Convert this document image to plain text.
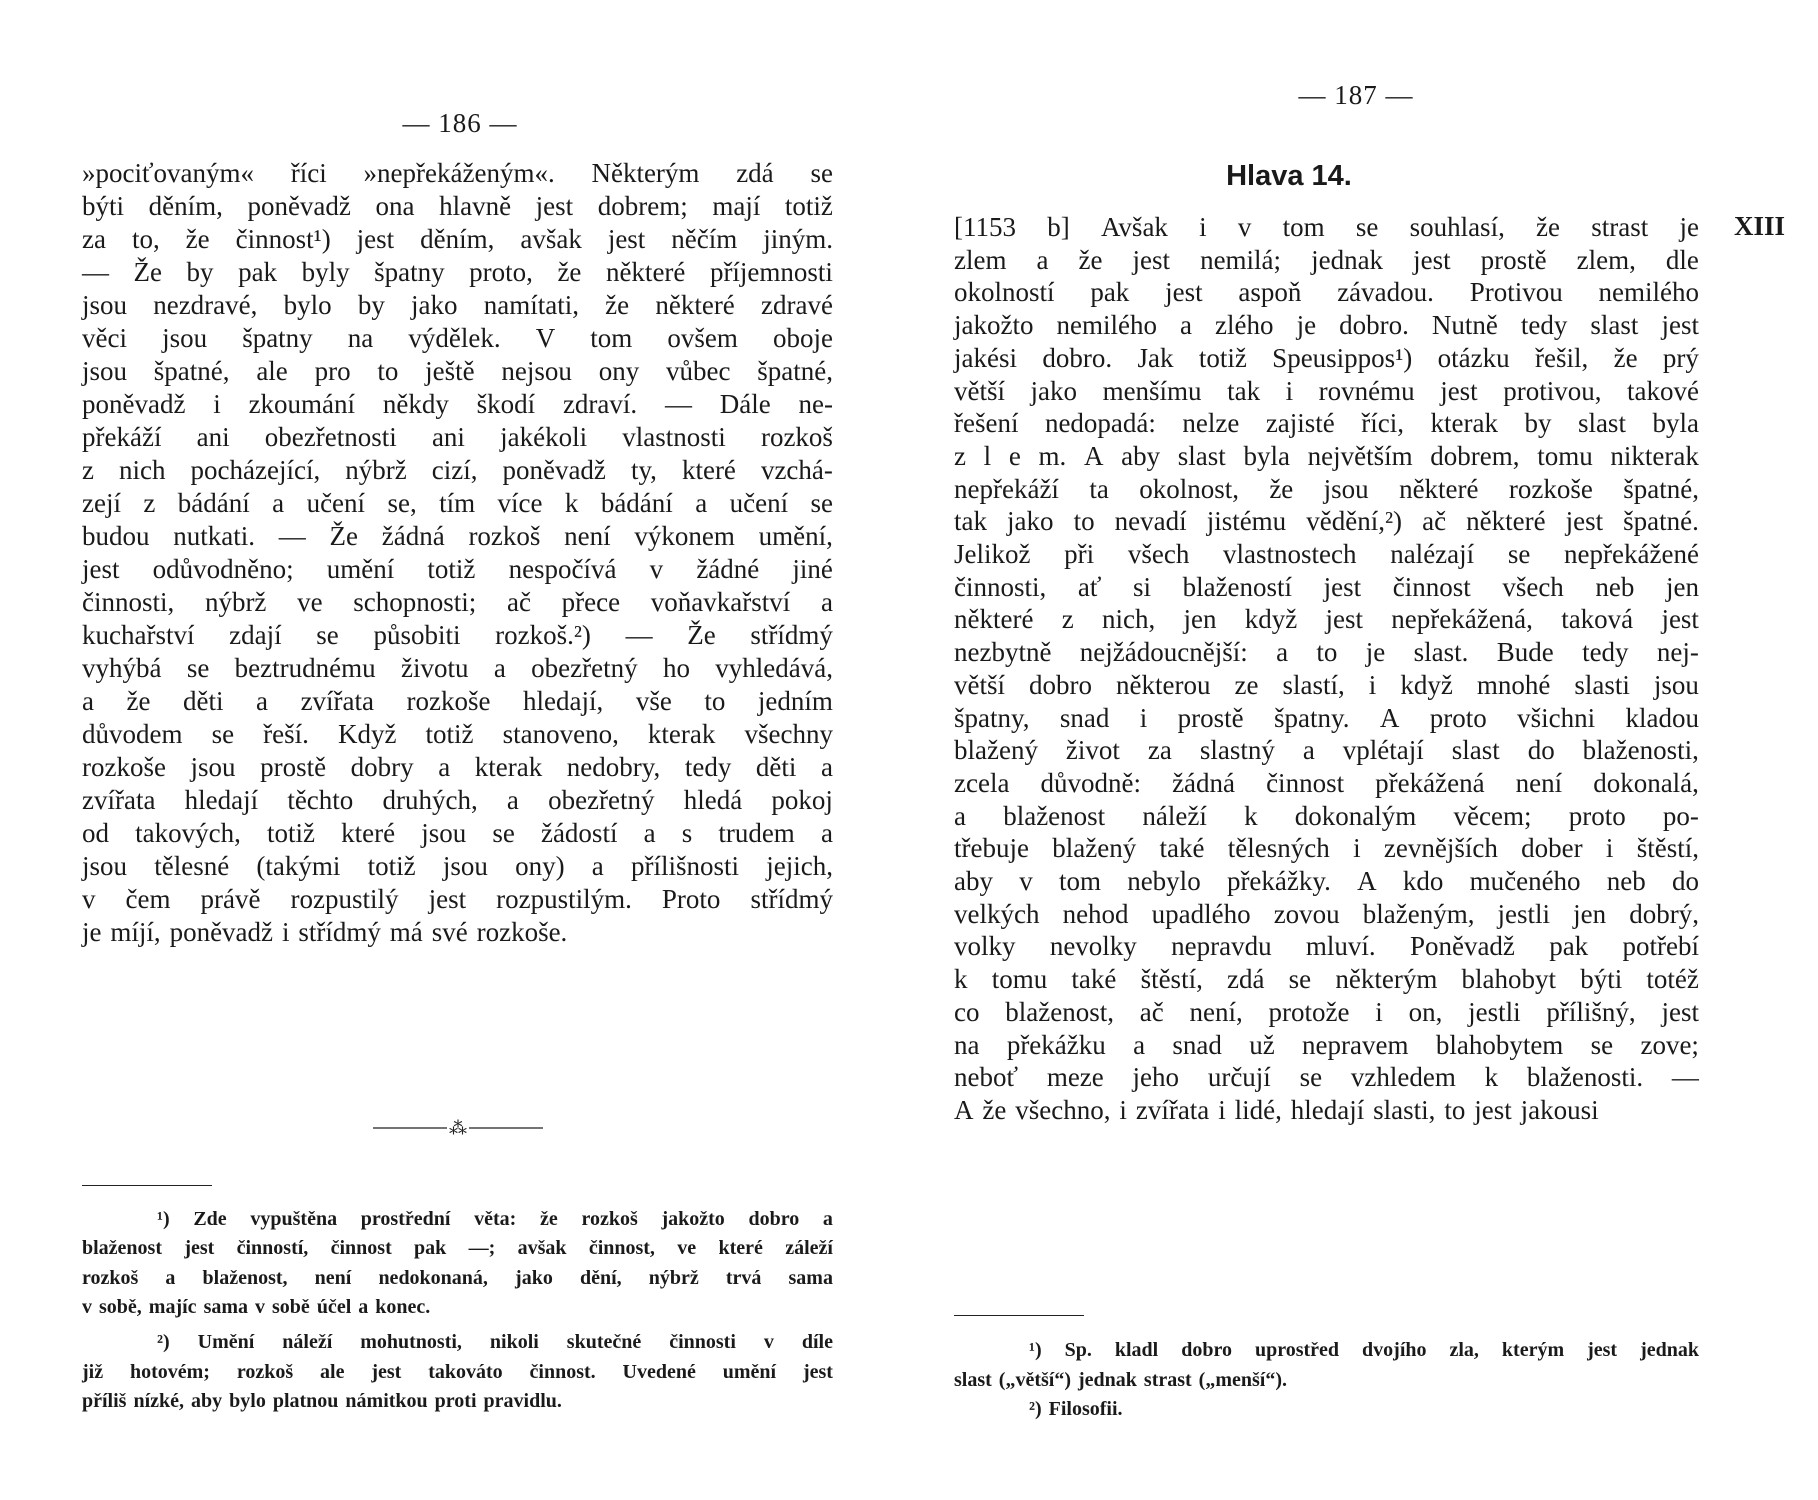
— 186 —
»pociťovaným« říci »nepřekáženým«. Některým zdá se
býti děním, poněvadž ona hlavně jest dobrem; mají totiž
za to, že činnost¹) jest děním, avšak jest něčím jiným.
— Že by pak byly špatny proto, že některé příjemnosti
jsou nezdravé, bylo by jako namítati, že některé zdravé
věci jsou špatny na výdělek. V tom ovšem oboje
jsou špatné, ale pro to ještě nejsou ony vůbec špatné,
poněvadž i zkoumání někdy škodí zdraví. — Dále ne-
překáží ani obezřetnosti ani jakékoli vlastnosti rozkoš
z nich pocházející, nýbrž cizí, poněvadž ty, které vzchá-
zejí z bádání a učení se, tím více k bádání a učení se
budou nutkati. — Že žádná rozkoš není výkonem umění,
jest odůvodněno; umění totiž nespočívá v žádné jiné
činnosti, nýbrž ve schopnosti; ač přece voňavkařství a
kuchařství zdají se působiti rozkoš.²) — Že střídmý
vyhýbá se beztrudnému životu a obezřetný ho vyhledává,
a že děti a zvířata rozkoše hledají, vše to jedním
důvodem se řeší. Když totiž stanoveno, kterak všechny
rozkoše jsou prostě dobry a kterak nedobry, tedy děti a
zvířata hledají těchto druhých, a obezřetný hledá pokoj
od takových, totiž které jsou se žádostí a s trudem a
jsou tělesné (takými totiž jsou ony) a přílišnosti jejich,
v čem právě rozpustilý jest rozpustilým. Proto střídmý
je míjí, poněvadž i střídmý má své rozkoše.
⁂
¹) Zde vypuštěna prostřední věta: že rozkoš jakožto dobro a
blaženost jest činností, činnost pak —; avšak činnost, ve které záleží
rozkoš a blaženost, není nedokonaná, jako dění, nýbrž trvá sama
v sobě, majíc sama v sobě účel a konec.
²) Umění náleží mohutnosti, nikoli skutečné činnosti v díle
již hotovém; rozkoš ale jest takováto činnost. Uvedené umění jest
příliš nízké, aby bylo platnou námitkou proti pravidlu.
— 187 —
Hlava 14.
XIII
[1153 b] Avšak i v tom se souhlasí, že strast je
zlem a že jest nemilá; jednak jest prostě zlem, dle
okolností pak jest aspoň závadou. Protivou nemilého
jakožto nemilého a zlého je dobro. Nutně tedy slast jest
jakési dobro. Jak totiž Speusippos¹) otázku řešil, že prý
větší jako menšímu tak i rovnému jest protivou, takové
řešení nedopadá: nelze zajisté říci, kterak by slast byla
z l e m. A aby slast byla největším dobrem, tomu nikterak
nepřekáží ta okolnost, že jsou některé rozkoše špatné,
tak jako to nevadí jistému vědění,²) ač některé jest špatné.
Jelikož při všech vlastnostech nalézají se nepřekážené
činnosti, ať si blažeností jest činnost všech neb jen
některé z nich, jen když jest nepřekážená, taková jest
nezbytně nejžádoucnější: a to je slast. Bude tedy nej-
větší dobro některou ze slastí, i když mnohé slasti jsou
špatny, snad i prostě špatny. A proto všichni kladou
blažený život za slastný a vplétají slast do blaženosti,
zcela důvodně: žádná činnost překážená není dokonalá,
a blaženost náleží k dokonalým věcem; proto po-
třebuje blažený také tělesných i zevnějších dober i štěstí,
aby v tom nebylo překážky. A kdo mučeného neb do
velkých nehod upadlého zovou blaženým, jestli jen dobrý,
volky nevolky nepravdu mluví. Poněvadž pak potřebí
k tomu také štěstí, zdá se některým blahobyt býti totéž
co blaženost, ač není, protože i on, jestli přílišný, jest
na překážku a snad už nepravem blahobytem se zove;
neboť meze jeho určují se vzhledem k blaženosti. —
A že všechno, i zvířata i lidé, hledají slasti, to jest jakousi
¹) Sp. kladl dobro uprostřed dvojího zla, kterým jest jednak
slast („větší“) jednak strast („menší“).
²) Filosofii.
